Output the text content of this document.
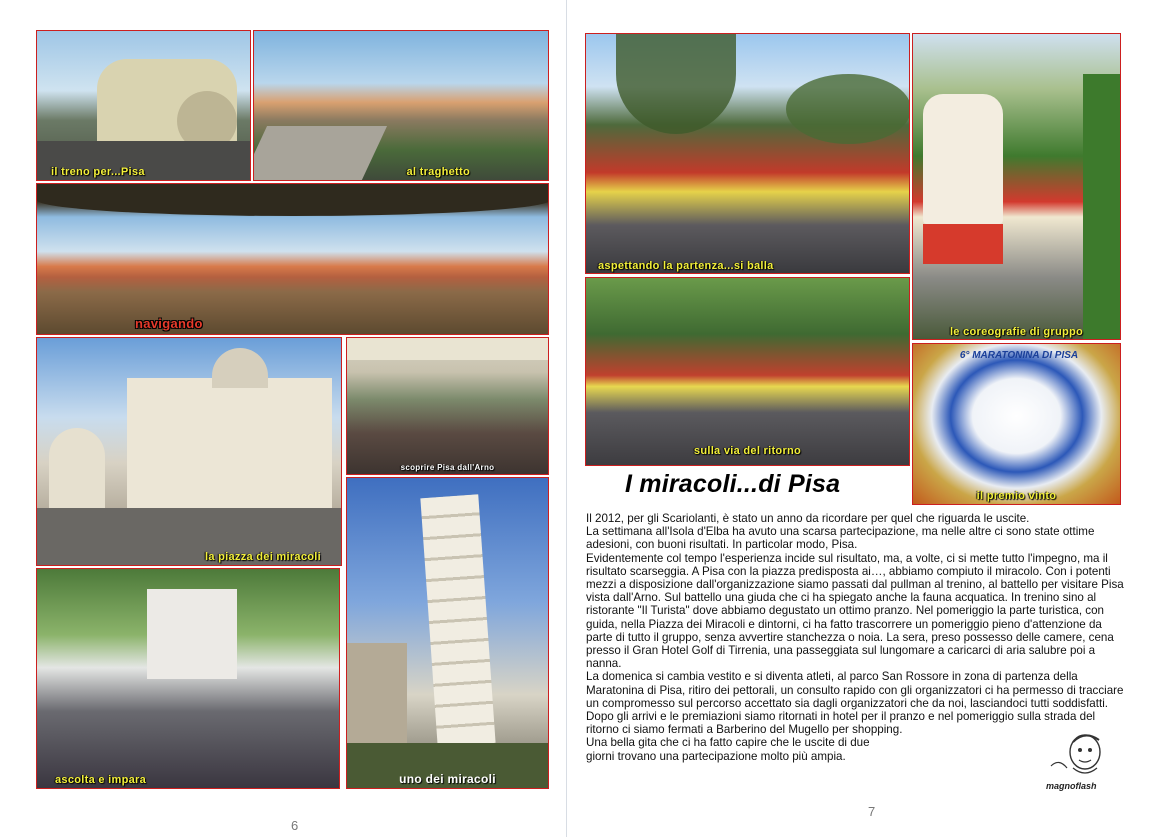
il treno per...Pisa	al traghetto
navigando
la piazza dei miracoli
scoprire Pisa dall'Arno
ascolta e impara	uno dei miracoli
6
aspettando la partenza...si balla
le coreografie di gruppo
sulla via del ritorno
6° MARATONINA DI PISA
il premio vinto
I miracoli...di Pisa

Il 2012, per gli Scariolanti, è stato un anno da ricordare per quel che riguarda le uscite.

La settimana all'Isola d'Elba ha avuto una scarsa partecipazione, ma nelle altre ci sono state ottime adesioni, con buoni risultati. In particolar modo, Pisa.

Evidentemente col tempo l'esperienza incide sul risultato, ma, a volte, ci si mette tutto l'impegno, ma il risultato scarseggia. A Pisa con la piazza predisposta ai…, abbiamo compiuto il miracolo. Con i potenti mezzi a disposizione dall'organizzazione siamo passati dal pullman al trenino, al battello per visitare Pisa vista dall'Arno. Sul battello una giuda che ci ha spiegato anche la fauna acquatica. In trenino sino al ristorante "Il Turista" dove abbiamo degustato un ottimo pranzo. Nel pomeriggio la parte turistica, con guida, nella Piazza dei Miracoli e dintorni, ci ha fatto trascorrere un pomeriggio pieno d'attenzione da parte di tutto il gruppo, senza avvertire stanchezza o noia. La sera, preso possesso delle camere, cena presso il Gran Hotel Golf di Tirrenia, una passeggiata sul lungomare a caricarci di aria salubre poi a nanna.

La domenica si cambia vestito e si diventa atleti, al parco San Rossore in zona di partenza della Maratonina di Pisa, ritiro dei pettorali, un consulto rapido con gli organizzatori ci ha permesso di tracciare un compromesso sul percorso accettato sia dagli organizzatori che da noi, lasciandoci tutti soddisfatti. Dopo gli arrivi e le premiazioni siamo ritornati in hotel per il pranzo e nel pomeriggio sulla strada del ritorno ci siamo fermati a Barberino del Mugello per shopping.

Una bella gita che ci ha fatto capire che le uscite di due

giorni trovano una partecipazione molto più ampia.

magnoflash
7
